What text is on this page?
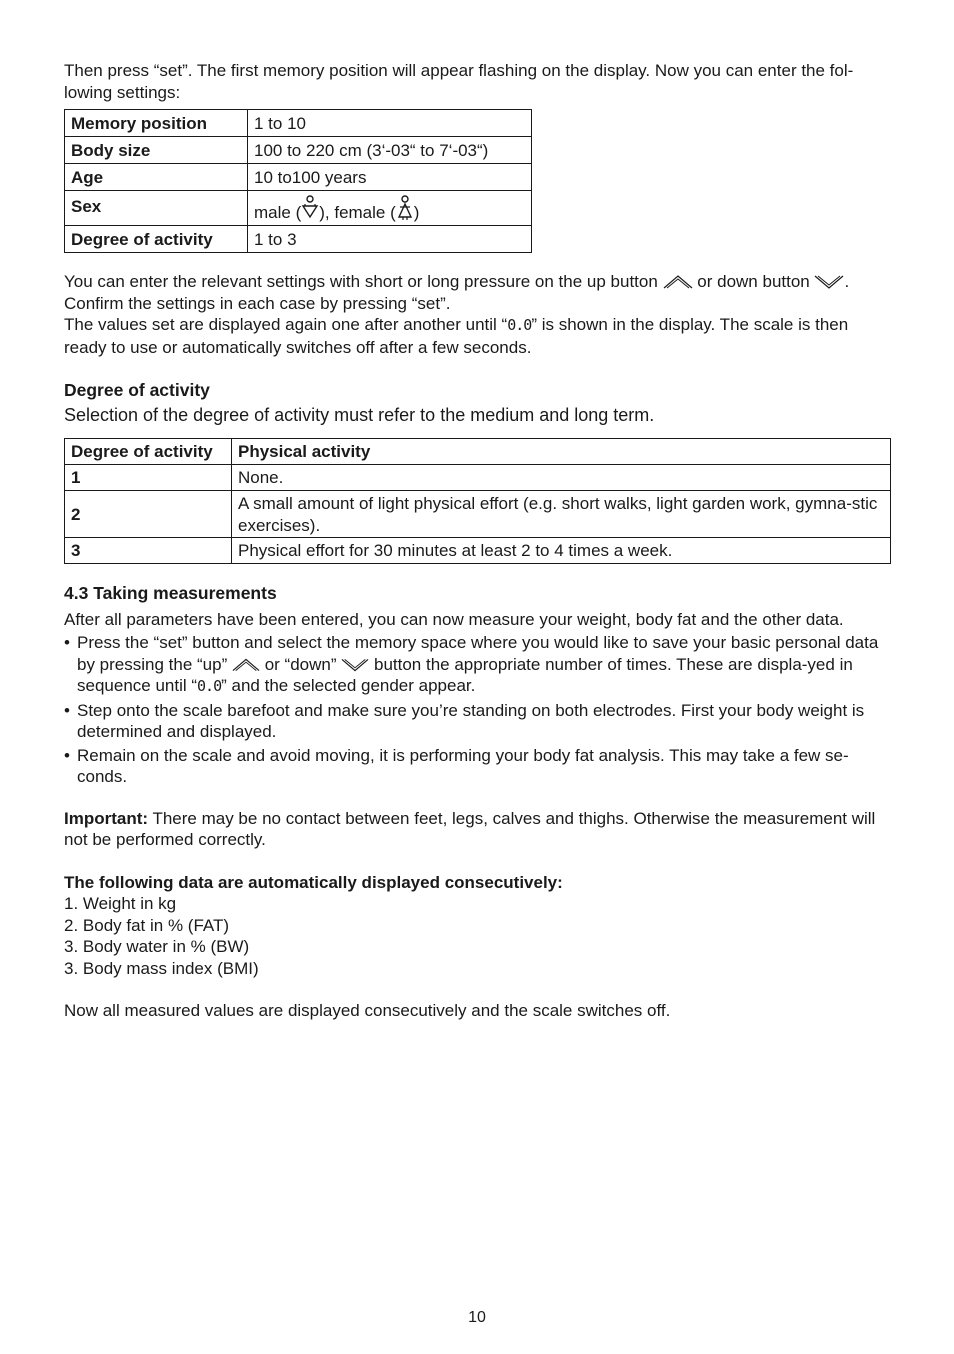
Then press “set”. The first memory position will appear flashing on the display. Now you can enter the fol-lowing settings:

Memory position	1 to 10
Body size	100 to 220 cm (3‘-03“ to 7‘-03“)
Age	10 to100 years
Sex	male ( ), female ( )
Degree of activity	1 to 3

You can enter the relevant settings with short or long pressure on the up button or down button .

Confirm the settings in each case by pressing “set”.

The values set are displayed again one after another until “0.0” is shown in the display. The scale is then ready to use or automatically switches off after a few seconds.

Degree of activity

Selection of the degree of activity must refer to the medium and long term.

Degree of activity	Physical activity
1	None.
2	A small amount of light physical effort (e.g. short walks, light garden work, gymna-stic exercises).
3	Physical effort for 30 minutes at least 2 to 4 times a week.

4.3 Taking measurements

After all parameters have been entered, you can now measure your weight, body fat and the other data.

• Press the “set” button and select the memory space where you would like to save your basic personal data by pressing the “up” or “down” button the appropriate number of times. These are displa-yed in sequence until “0.0” and the selected gender appear.
• Step onto the scale barefoot and make sure you’re standing on both electrodes. First your body weight is determined and displayed.
• Remain on the scale and avoid moving, it is performing your body fat analysis. This may take a few se-conds.

Important: There may be no contact between feet, legs, calves and thighs. Otherwise the measurement will not be performed correctly.

The following data are automatically displayed consecutively:

1. Weight in kg
2. Body fat in % (FAT)
3. Body water in % (BW)
3. Body mass index (BMI)

Now all measured values are displayed consecutively and the scale switches off.

10
